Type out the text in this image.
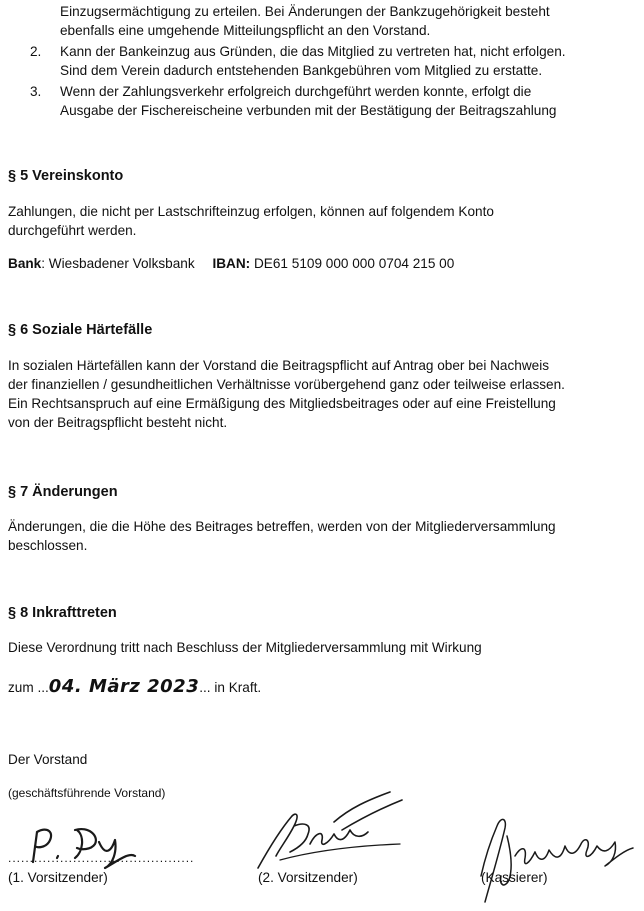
Einzugsermächtigung zu erteilen. Bei Änderungen der Bankzugehörigkeit besteht

ebenfalls eine umgehende Mitteilungspflicht an den Vorstand.

2. Kann der Bankeinzug aus Gründen, die das Mitglied zu vertreten hat, nicht erfolgen.

Sind dem Verein dadurch entstehenden Bankgebühren vom Mitglied zu erstatte.

3. Wenn der Zahlungsverkehr erfolgreich durchgeführt werden konnte, erfolgt die

Ausgabe der Fischereischeine verbunden mit der Bestätigung der Beitragszahlung

§ 5 Vereinskonto

Zahlungen, die nicht per Lastschrifteinzug erfolgen, können auf folgendem Konto

durchgeführt werden.

Bank: Wiesbadener Volksbank IBAN: DE61 5109 000 000 0704 215 00
§ 6 Soziale Härtefälle

In sozialen Härtefällen kann der Vorstand die Beitragspflicht auf Antrag ober bei Nachweis

der finanziellen / gesundheitlichen Verhältnisse vorübergehend ganz oder teilweise erlassen.

Ein Rechtsanspruch auf eine Ermäßigung des Mitgliedsbeitrages oder auf eine Freistellung

von der Beitragspflicht besteht nicht.

§ 7 Änderungen

Änderungen, die die Höhe des Beitrages betreffen, werden von der Mitgliederversammlung

beschlossen.

§ 8 Inkrafttreten
Diese Verordnung tritt nach Beschluss der Mitgliederversammlung mit Wirkung
zum ...04. März 2023... in Kraft.
Der Vorstand
(geschäftsführende Vorstand)
...........................................
(1. Vorsitzender)	(2. Vorsitzender)	(Kassierer)
